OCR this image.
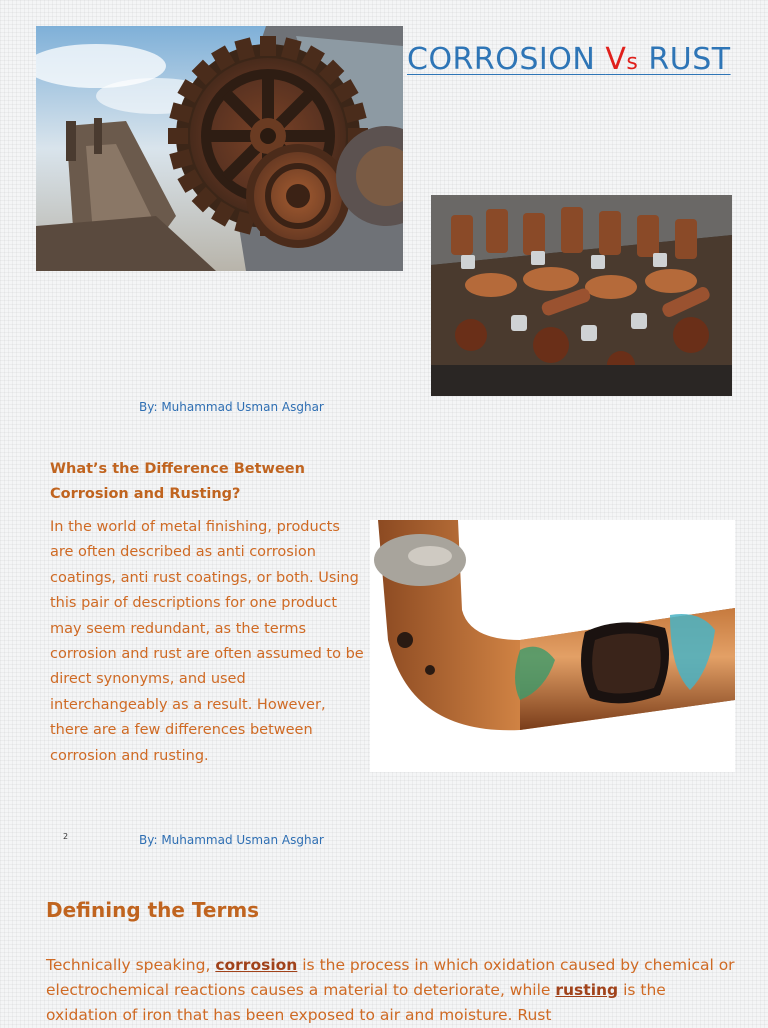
CORROSION Vs RUST
By: Muhammad Usman Asghar
What’s the Difference Between Corrosion and Rusting?

In the world of metal finishing, products are often described as anti corrosion coatings, anti rust coatings, or both. Using this pair of descriptions for one product may seem redundant, as the terms corrosion and rust are often assumed to be direct synonyms, and used interchangeably as a result. However, there are a few differences between corrosion and rusting.

2	By: Muhammad Usman Asghar
Defining the Terms

Technically speaking, corrosion is the process in which oxidation caused by chemical or electrochemical reactions causes a material to deteriorate, while rusting is the oxidation of iron that has been exposed to air and moisture. Rust
